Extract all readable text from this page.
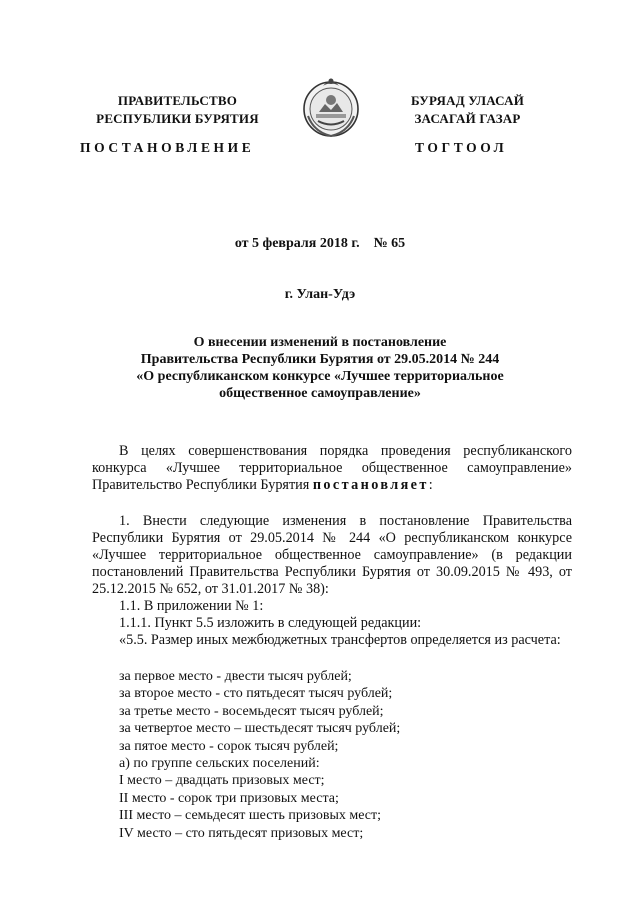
ПРАВИТЕЛЬСТВО
РЕСПУБЛИКИ БУРЯТИЯ
БУРЯАД УЛАСАЙ
ЗАСАГАЙ ГАЗАР
ПОСТАНОВЛЕНИЕ	ТОГТООЛ
от 5 февраля 2018 г.    № 65
г. Улан-Удэ
О внесении изменений в постановление
Правительства Республики Бурятия от 29.05.2014 № 244
«О республиканском конкурсе «Лучшее территориальное
общественное самоуправление»

В целях совершенствования порядка проведения республиканского конкурса «Лучшее территориальное общественное самоуправление» Правительство Республики Бурятия постановляет:

1. Внести следующие изменения в постановление Правительства Республики Бурятия от 29.05.2014 № 244 «О республиканском конкурсе «Лучшее территориальное общественное самоуправление» (в редакции постановлений Правительства Республики Бурятия от 30.09.2015 № 493, от 25.12.2015 № 652, от 31.01.2017 № 38):

1.1. В приложении № 1:

1.1.1. Пункт 5.5 изложить в следующей редакции:

«5.5. Размер иных межбюджетных трансфертов определяется из расчета:

за первое место - двести тысяч рублей;
за второе место - сто пятьдесят тысяч рублей;
за третье место - восемьдесят тысяч рублей;
за четвертое место – шестьдесят тысяч рублей;
за пятое место - сорок тысяч рублей;
а) по группе сельских поселений:
I место – двадцать призовых мест;
II место - сорок три призовых места;
III место – семьдесят шесть призовых мест;
IV место – сто пятьдесят призовых мест;
